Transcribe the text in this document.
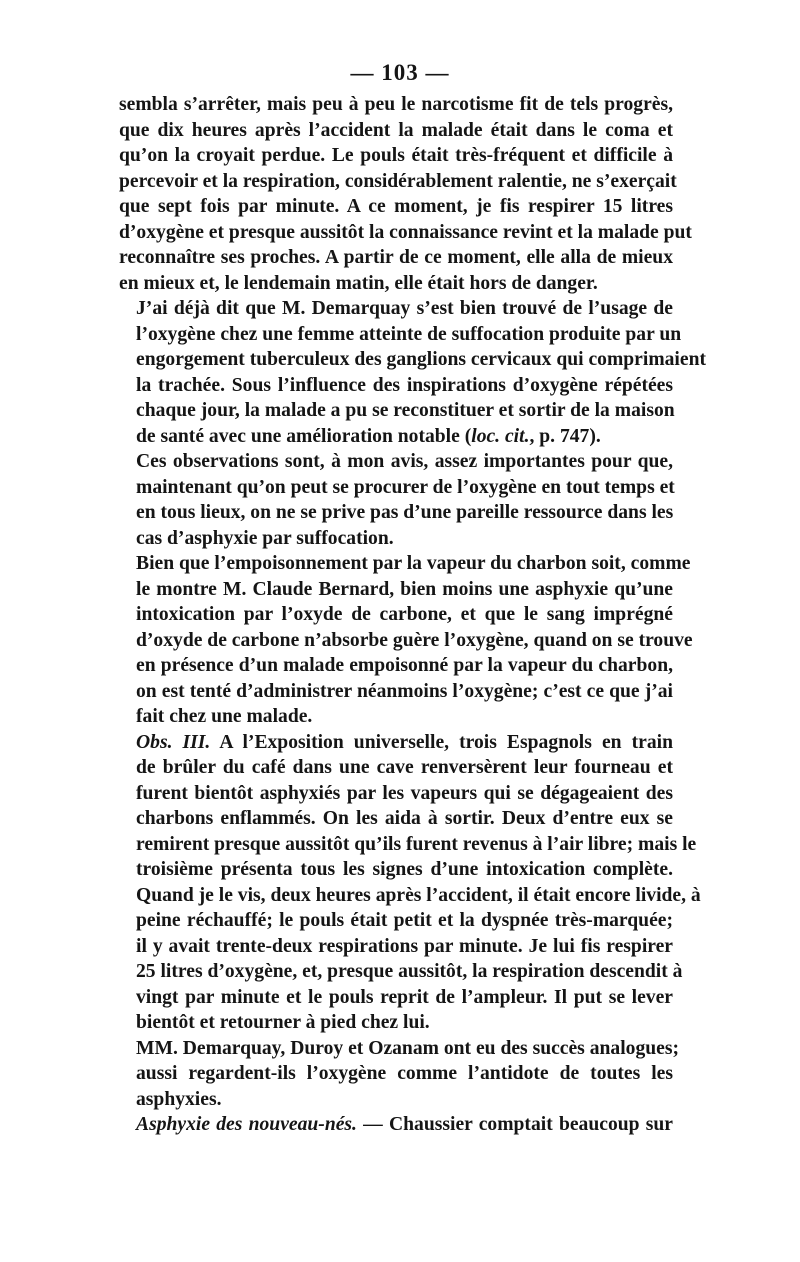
— 103 —

sembla s’arrêter, mais peu à peu le narcotisme fit de tels progrès,
que dix heures après l’accident la malade était dans le coma et
qu’on la croyait perdue. Le pouls était très-fréquent et difficile à
percevoir et la respiration, considérablement ralentie, ne s’exerçait
que sept fois par minute. A ce moment, je fis respirer 15 litres
d’oxygène et presque aussitôt la connaissance revint et la malade put
reconnaître ses proches. A partir de ce moment, elle alla de mieux
en mieux et, le lendemain matin, elle était hors de danger.

J’ai déjà dit que M. Demarquay s’est bien trouvé de l’usage de
l’oxygène chez une femme atteinte de suffocation produite par un
engorgement tuberculeux des ganglions cervicaux qui comprimaient
la trachée. Sous l’influence des inspirations d’oxygène répétées
chaque jour, la malade a pu se reconstituer et sortir de la maison
de santé avec une amélioration notable (loc. cit., p. 747).

Ces observations sont, à mon avis, assez importantes pour que,
maintenant qu’on peut se procurer de l’oxygène en tout temps et
en tous lieux, on ne se prive pas d’une pareille ressource dans les
cas d’asphyxie par suffocation.

Bien que l’empoisonnement par la vapeur du charbon soit, comme
le montre M. Claude Bernard, bien moins une asphyxie qu’une
intoxication par l’oxyde de carbone, et que le sang imprégné
d’oxyde de carbone n’absorbe guère l’oxygène, quand on se trouve
en présence d’un malade empoisonné par la vapeur du charbon,
on est tenté d’administrer néanmoins l’oxygène; c’est ce que j’ai
fait chez une malade.

Obs. III. A l’Exposition universelle, trois Espagnols en train
de brûler du café dans une cave renversèrent leur fourneau et
furent bientôt asphyxiés par les vapeurs qui se dégageaient des
charbons enflammés. On les aida à sortir. Deux d’entre eux se
remirent presque aussitôt qu’ils furent revenus à l’air libre; mais le
troisième présenta tous les signes d’une intoxication complète.
Quand je le vis, deux heures après l’accident, il était encore livide, à
peine réchauffé; le pouls était petit et la dyspnée très-marquée;
il y avait trente-deux respirations par minute. Je lui fis respirer
25 litres d’oxygène, et, presque aussitôt, la respiration descendit à
vingt par minute et le pouls reprit de l’ampleur. Il put se lever
bientôt et retourner à pied chez lui.

MM. Demarquay, Duroy et Ozanam ont eu des succès analogues;
aussi regardent-ils l’oxygène comme l’antidote de toutes les
asphyxies.

Asphyxie des nouveau-nés. — Chaussier comptait beaucoup sur
